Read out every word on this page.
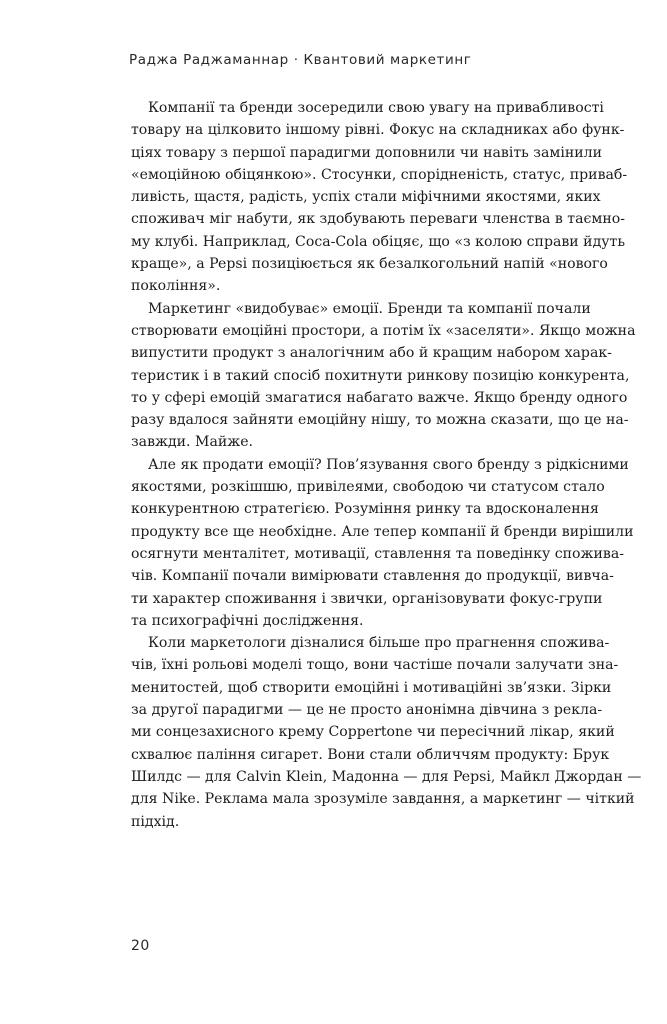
Раджа Раджаманнар · Квантовий маркетинг
Компанії та бренди зосередили свою увагу на привабливості
товару на цілковито іншому рівні. Фокус на складниках або функ-
ціях товару з першої парадигми доповнили чи навіть замінили
«емоційною обіцянкою». Стосунки, спорідненість, статус, приваб-
ливість, щастя, радість, успіх стали міфічними якостями, яких
споживач міг набути, як здобувають переваги членства в таємно-
му клубі. Наприклад, Coca-Cola обіцяє, що «з колою справи йдуть
краще», а Pepsi позиціюється як безалкогольний напій «нового
покоління».
Маркетинг «видобуває» емоції. Бренди та компанії почали
створювати емоційні простори, а потім їх «заселяти». Якщо можна
випустити продукт з аналогічним або й кращим набором харак-
теристик і в такий спосіб похитнути ринкову позицію конкурента,
то у сфері емоцій змагатися набагато важче. Якщо бренду одного
разу вдалося зайняти емоційну нішу, то можна сказати, що це на-
завжди. Майже.
Але як продати емоції? Пов’язування свого бренду з рідкісними
якостями, розкішшю, привілеями, свободою чи статусом стало
конкурентною стратегією. Розуміння ринку та вдосконалення
продукту все ще необхідне. Але тепер компанії й бренди вирішили
осягнути менталітет, мотивації, ставлення та поведінку спожива-
чів. Компанії почали вимірювати ставлення до продукції, вивча-
ти характер споживання і звички, організовувати фокус-групи
та психографічні дослідження.
Коли маркетологи дізналися більше про прагнення спожива-
чів, їхні рольові моделі тощо, вони частіше почали залучати зна-
менитостей, щоб створити емоційні і мотиваційні зв’язки. Зірки
за другої парадигми — це не просто анонімна дівчина з рекла-
ми сонцезахисного крему Coppertone чи пересічний лікар, який
схвалює паління сигарет. Вони стали обличчям продукту: Брук
Шилдс — для Calvin Klein, Мадонна — для Pepsi, Майкл Джордан —
для Nike. Реклама мала зрозуміле завдання, а маркетинг — чіткий
підхід.
20
